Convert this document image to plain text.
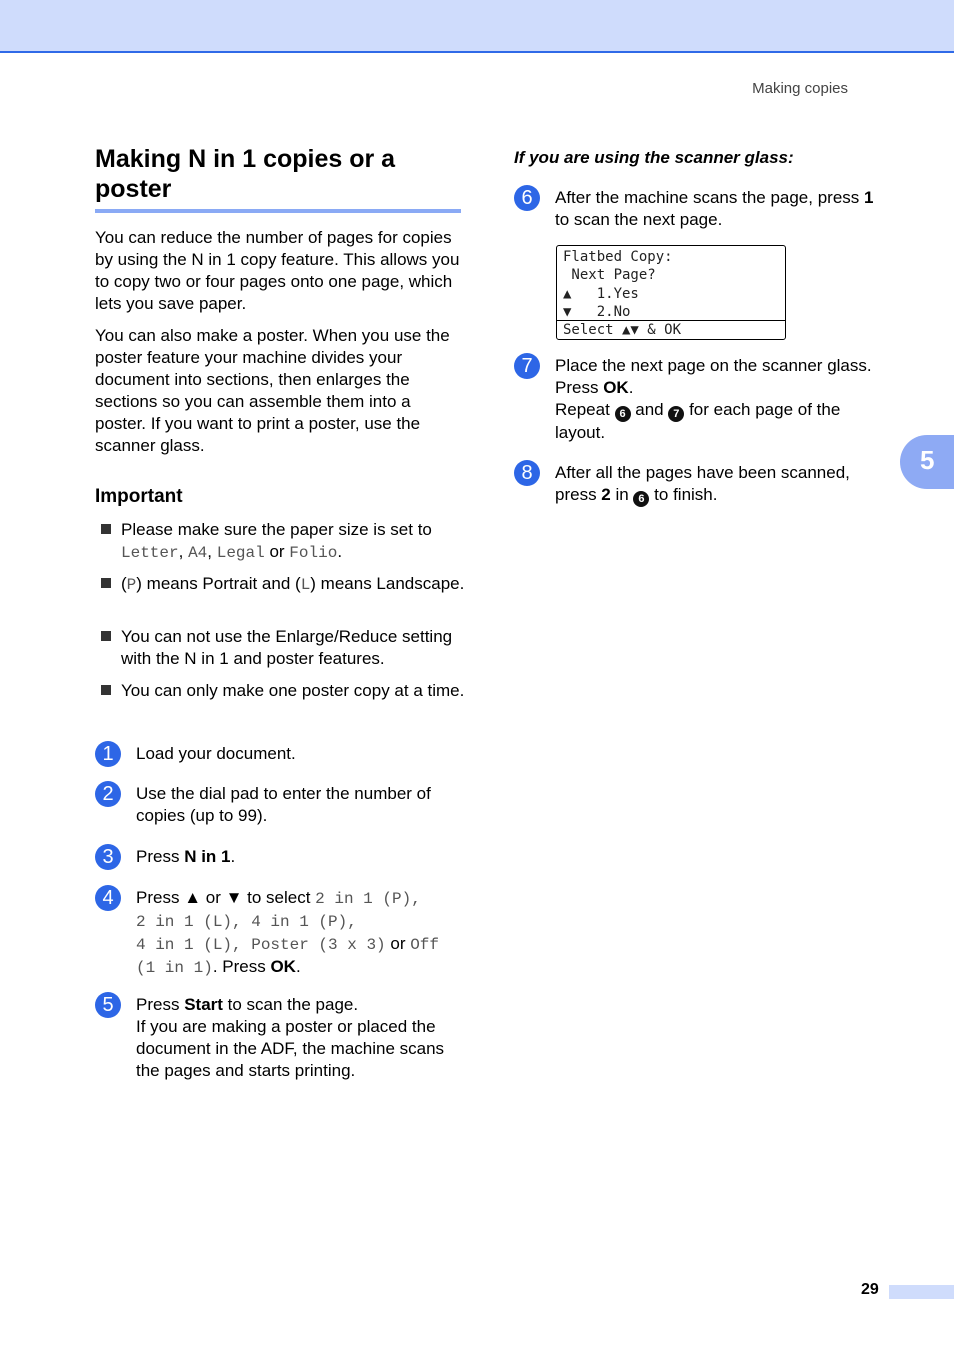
Making copies
Making N in 1 copies or a poster

You can reduce the number of pages for copies by using the N in 1 copy feature. This allows you to copy two or four pages onto one page, which lets you save paper.

You can also make a poster. When you use the poster feature your machine divides your document into sections, then enlarges the sections so you can assemble them into a poster. If you want to print a poster, use the scanner glass.

Important
Please make sure the paper size is set to Letter, A4, Legal or Folio.
(P) means Portrait and (L) means Landscape.
You can not use the Enlarge/Reduce setting with the N in 1 and poster features.
You can only make one poster copy at a time.
1	Load your document.
2	Use the dial pad to enter the number of copies (up to 99).
3	Press N in 1.
4	Press ▲ or ▼ to select 2 in 1 (P),
2 in 1 (L), 4 in 1 (P),
4 in 1 (L), Poster (3 x 3) or Off (1 in 1). Press OK.
5	Press Start to scan the page.
If you are making a poster or placed the document in the ADF, the machine scans the pages and starts printing.
If you are using the scanner glass:
6	After the machine scans the page, press 1 to scan the next page.
Flatbed Copy:
Next Page?
▲   1.Yes
▼   2.No
Select ▲▼ & OK
7	Place the next page on the scanner glass. Press OK.
Repeat 6 and 7 for each page of the layout.
8	After all the pages have been scanned, press 2 in 6 to finish.
5
29
